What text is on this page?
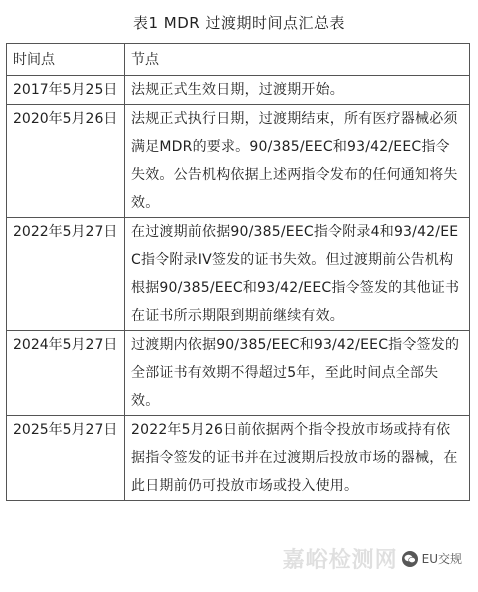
表1 MDR 过渡期时间点汇总表
时间点	节点
2017年5月25日	法规正式生效日期，过渡期开始。
2020年5月26日	法规正式执行日期，过渡期结束，所有医疗器械必须满足MDR的要求。90/385/EEC和93/42/EEC指令失效。公告机构依据上述两指令发布的任何通知将失效。
2022年5月27日	在过渡期前依据90/385/EEC指令附录4和93/42/EEC指令附录IV签发的证书失效。但过渡期前公告机构根据90/385/EEC和93/42/EEC指令签发的其他证书在证书所示期限到期前继续有效。
2024年5月27日	过渡期内依据90/385/EEC和93/42/EEC指令签发的全部证书有效期不得超过5年，至此时间点全部失效。
2025年5月27日	2022年5月26日前依据两个指令投放市场或持有依据指令签发的证书并在过渡期后投放市场的器械，在此日期前仍可投放市场或投入使用。
嘉峪检测网 EU交规
